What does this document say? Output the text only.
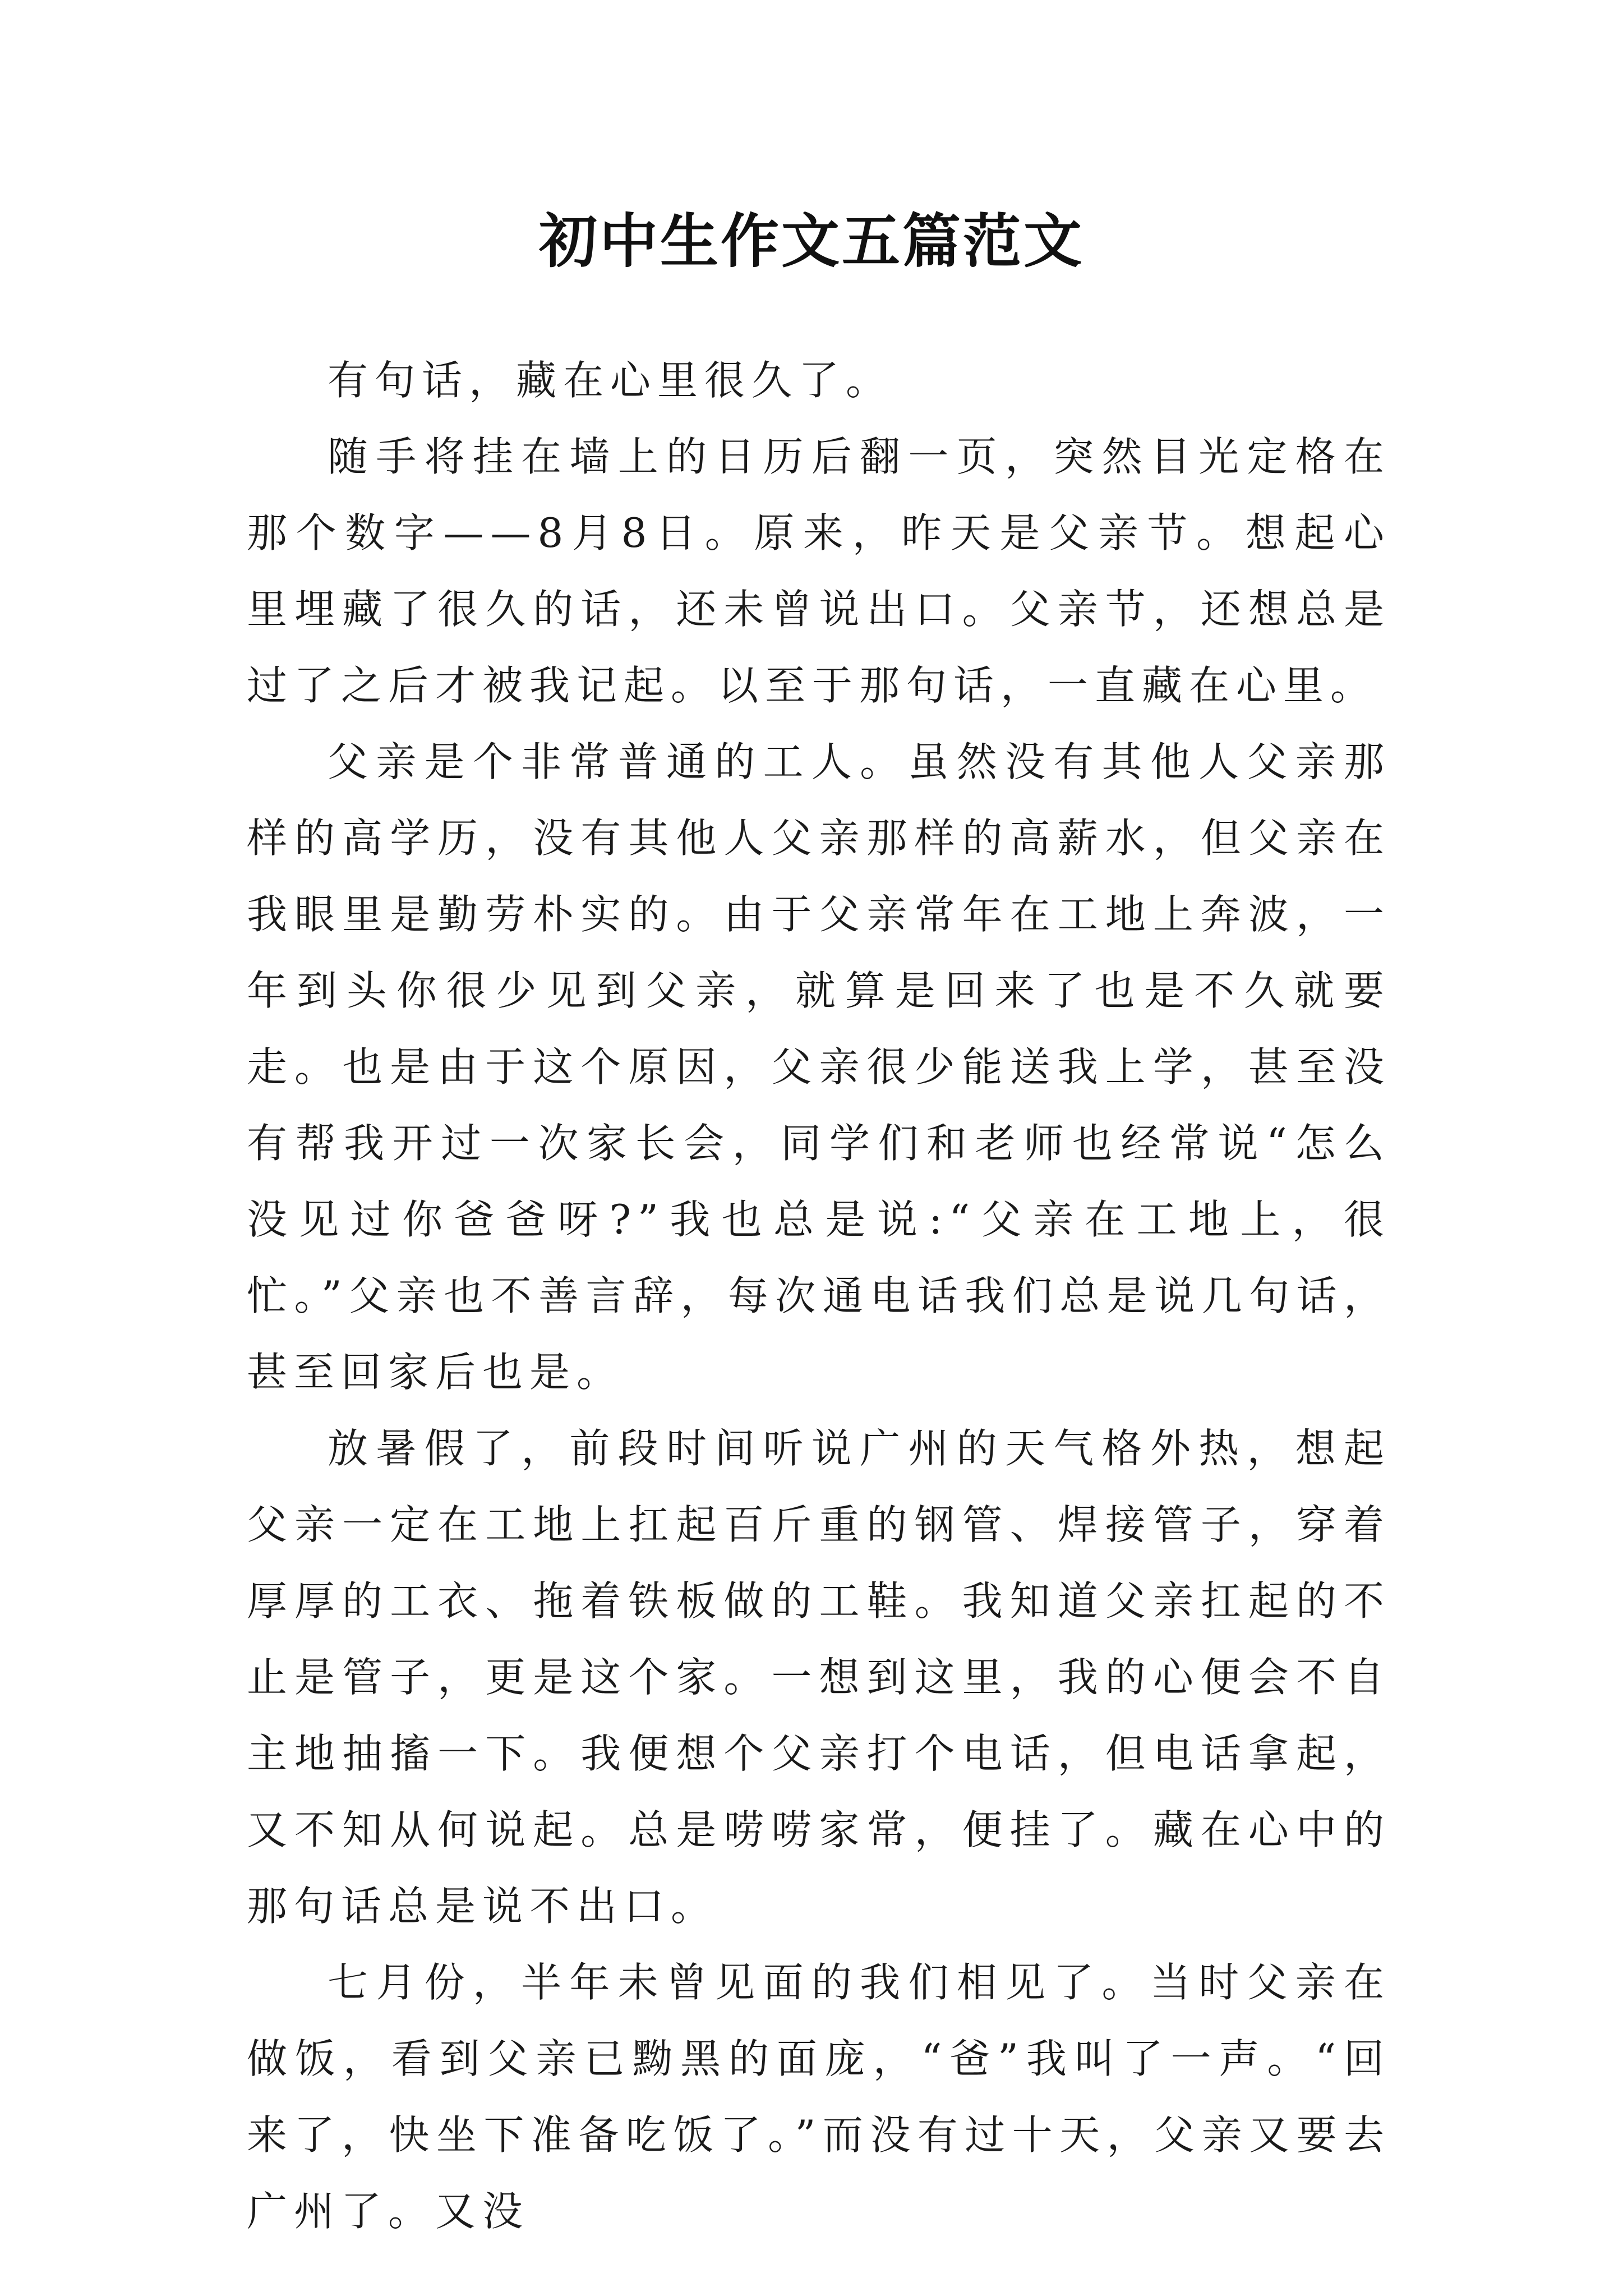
初中生作文五篇范文

有句话，藏在心里很久了。

随手将挂在墙上的日历后翻一页，突然目光定格在那个数字——8月8日。原来，昨天是父亲节。想起心里埋藏了很久的话，还未曾说出口。父亲节，还想总是过了之后才被我记起。以至于那句话，一直藏在心里。

父亲是个非常普通的工人。虽然没有其他人父亲那样的高学历，没有其他人父亲那样的高薪水，但父亲在我眼里是勤劳朴实的。由于父亲常年在工地上奔波，一年到头你很少见到父亲，就算是回来了也是不久就要走。也是由于这个原因，父亲很少能送我上学，甚至没有帮我开过一次家长会，同学们和老师也经常说“怎么没见过你爸爸呀?”我也总是说:“父亲在工地上，很忙。”父亲也不善言辞，每次通电话我们总是说几句话，甚至回家后也是。

放暑假了，前段时间听说广州的天气格外热，想起父亲一定在工地上扛起百斤重的钢管、焊接管子，穿着厚厚的工衣、拖着铁板做的工鞋。我知道父亲扛起的不止是管子，更是这个家。一想到这里，我的心便会不自主地抽搐一下。我便想个父亲打个电话，但电话拿起，又不知从何说起。总是唠唠家常，便挂了。藏在心中的那句话总是说不出口。

七月份，半年未曾见面的我们相见了。当时父亲在做饭，看到父亲已黝黑的面庞，“爸”我叫了一声。“回来了，快坐下准备吃饭了。”而没有过十天，父亲又要去广州了。又没
